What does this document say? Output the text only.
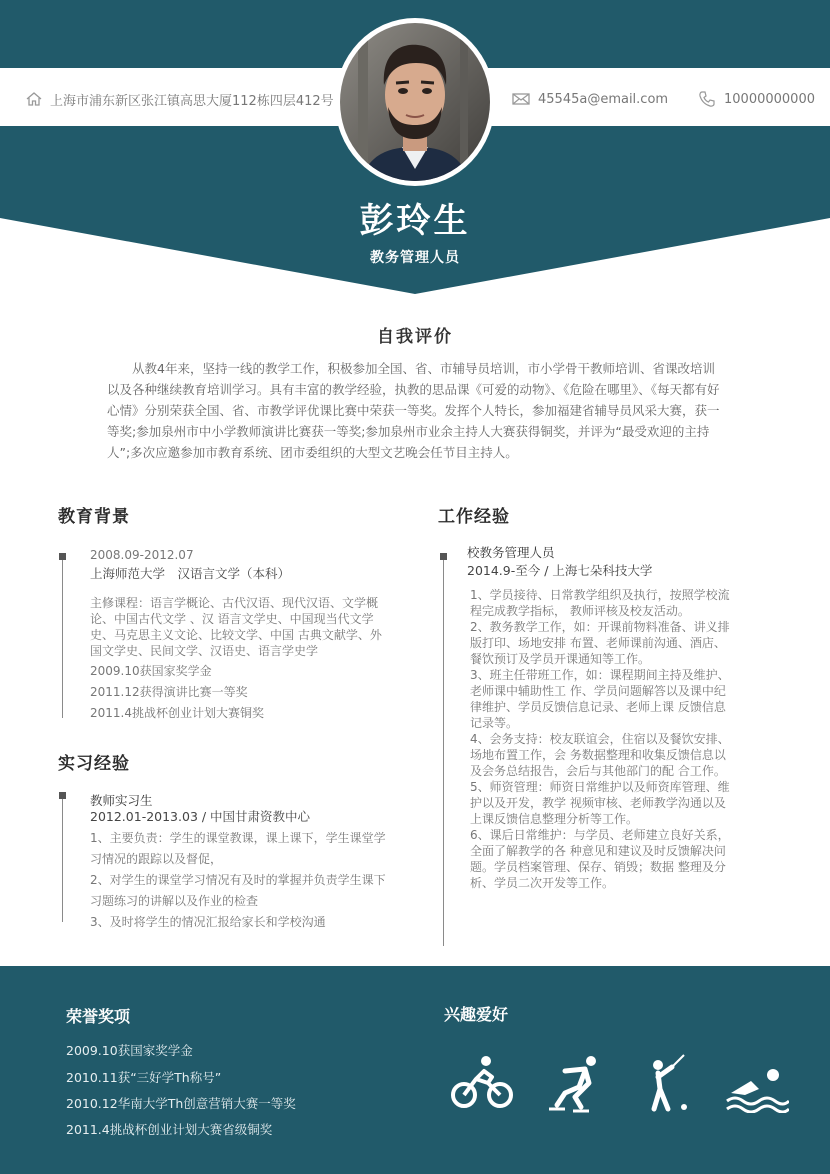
上海市浦东新区张江镇高思大厦112栋四层412号	45545a@email.com	10000000000
彭玲生
教务管理人员
自我评价
从教4年来，坚持一线的教学工作，积极参加全国、省、市辅导员培训，市小学骨干教师培训、省课改培训以及各种继续教育培训学习。具有丰富的教学经验，执教的思品课《可爱的动物》、《危险在哪里》、《每天都有好心情》分别荣获全国、省、市教学评优课比赛中荣获一等奖。发挥个人特长，参加福建省辅导员风采大赛，获一等奖;参加泉州市中小学教师演讲比赛获一等奖;参加泉州市业余主持人大赛获得铜奖，并评为“最受欢迎的主持人”;多次应邀参加市教育系统、团市委组织的大型文艺晚会任节目主持人。
教育背景
2008.09-2012.07
上海师范大学　汉语言文学（本科）
主修课程：语言学概论、古代汉语、现代汉语、文学概论、中国古代文学 、汉 语言文学史、中国现当代文学史、马克思主义文论、比较文学、中国 古典文献学、外国文学史、民间文学、汉语史、语言学史学
2009.10获国家奖学金
2011.12获得演讲比赛一等奖
2011.4挑战杯创业计划大赛铜奖
实习经验
教师实习生
2012.01-2013.03 / 中国甘肃资教中心

1、主要负责：学生的课堂教课，课上课下，学生课堂学习情况的跟踪以及督促，

2、对学生的课堂学习情况有及时的掌握并负责学生课下习题练习的讲解以及作业的检查

3、及时将学生的情况汇报给家长和学校沟通

工作经验
校教务管理人员
2014.9-至今 / 上海七朵科技大学

1、学员接待、日常教学组织及执行，按照学校流程完成教学指标， 教师评核及校友活动。

2、教务教学工作，如：开课前物料准备、讲义排版打印、场地安排 布置、老师课前沟通、酒店、餐饮预订及学员开课通知等工作。

3、班主任带班工作，如：课程期间主持及维护、老师课中辅助性工 作、学员问题解答以及课中纪律维护、学员反馈信息记录、老师上课 反馈信息记录等。

4、会务支持：校友联谊会，住宿以及餐饮安排、场地布置工作，会 务数据整理和收集反馈信息以及会务总结报告，会后与其他部门的配 合工作。

5、师资管理：师资日常维护以及师资库管理、维护以及开发，教学 视频审核、老师教学沟通以及上课反馈信息整理分析等工作。

6、课后日常维护：与学员、老师建立良好关系，全面了解教学的各 种意见和建议及时反馈解决问题。学员档案管理、保存、销毁；数据 整理及分析、学员二次开发等工作。

荣誉奖项
2009.10获国家奖学金
2010.11获“三好学Th称号”
2010.12华南大学Th创意营销大赛一等奖
2011.4挑战杯创业计划大赛省级铜奖
兴趣爱好
